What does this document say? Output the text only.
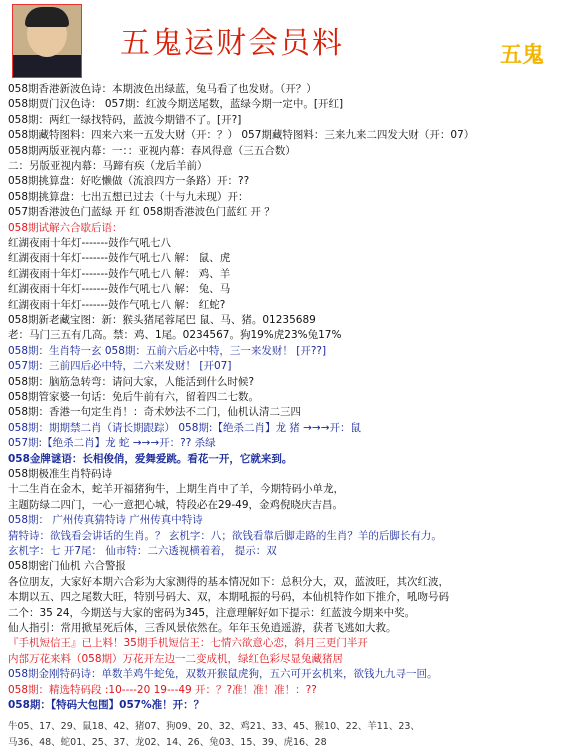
五鬼运财会员料	五鬼
058期香港新波色诗：本期波色出绿蓝，兔马看了也发财。（开？）
058期贾门汉色诗： 057期：红波今期送尾数，蓝绿今期一定中。[开红]
058期：两红一绿找特码，蓝波今期错不了。[开?]
058期藏特图料：四来六来一五发大财（开：？） 057期藏特图料：三来九来二四发大财（开：07）
058期两版亚视内幕：一：：亚视内幕：春风得意（三五合数）
二：另版亚视内幕：马蹄有疾（龙后羊前）
058期挑算盘：好吃懒做（流浪四方一条路）开：??
058期挑算盘：七出五想已过去（十与九未现）开：
057期香港波色门蓝绿 开 红 058期香港波色门蓝红 开 ？
058期试解六合歇后语：
红湖夜雨十年灯-------鼓作气吼七八
红湖夜雨十年灯-------鼓作气吼七八 解： 鼠、虎
红湖夜雨十年灯-------鼓作气吼七八 解： 鸡、羊
红湖夜雨十年灯-------鼓作气吼七八 解： 兔、马
红湖夜雨十年灯-------鼓作气吼七八 解： 红蛇?
058期新老藏宝图：新：猴头猪尾蓉尾巴 鼠、马、猪。01235689
老：马门三五有几高。禁：鸡、1尾。0234567。狗19%虎23%兔17%
058期：生肖特一玄 058期：五前六后必中特，三一来发财！ [开??]
057期：三前四后必中特，二六来发财！ [开07]
058期：脑筋急转弯：请问大家，人能活到什么时候?
058期管家婆一句话：免后牛前有六，留着四二七数。
058期：香港一句定生肖！：奇术妙法不二门，仙机认清二三四
058期：期期禁二肖（请长期跟踪） 058期:【绝杀二肖】龙 猪 →→→开：鼠
057期:【绝杀二肖】龙 蛇 →→→开：?? 杀绿
058金牌谜语：长相俊俏，爱舞爱跳。看花一开，它就来到。
058期极准生肖特码诗
十二生肖在金木，蛇羊开福猪狗牛，上期生肖中了羊，今期特码小单龙，
主题防绿二四门，一心一意把心城，特段必在29-49，金鸡倪晓庆吉昌。
058期： 广州传真猜特诗 广州传真中特诗
猜特诗：欲钱看会讲话的生肖。？ 玄机字：八；欲钱看靠后脚走路的生肖？羊的后脚长有力。
玄机字：七 开7尾： 仙市特：二六透视横着着， 提示：双
058期密门仙机 六合警报
各位朋友，大家好本期六合彩为大家测得的基本情况如下：总积分大，双，蓝波旺，其次红波，
本期以五、四之尾数大旺，特别号码大、双，本期吼振的号码，本仙机特作如下推介，吼吻号码
二个：35 24，今期送与大家的密码为345，注意理解好如下提示：红蓝波今期来中奖。
仙人指引：常用掀星死后体，三香风景依然在。年年玉免逍遥游，获者飞逃如大救。
『手机短信王』已上料！35期手机短信王：七情六欲意心恋，斜月三更门半开
内部万花来料（058期）万花开左边一二变成机，绿红色彩尽显兔藏猪居
058期金刚特码诗：单数羊鸡牛蛇兔，双数开猴鼠虎狗，五六可开玄机来，欲钱九九寻一回。
058期：精选特码段 :10----20 19---49 开：？?准！准！准！：??
058期：【特码大包围】057%准！开：？
牛05、17、29、鼠18、42、猪07、狗09、20、32、鸡21、33、45、猴10、22、羊11、23、
马36、48、蛇01、25、37、龙02、14、26、兔03、15、39、虎16、28
